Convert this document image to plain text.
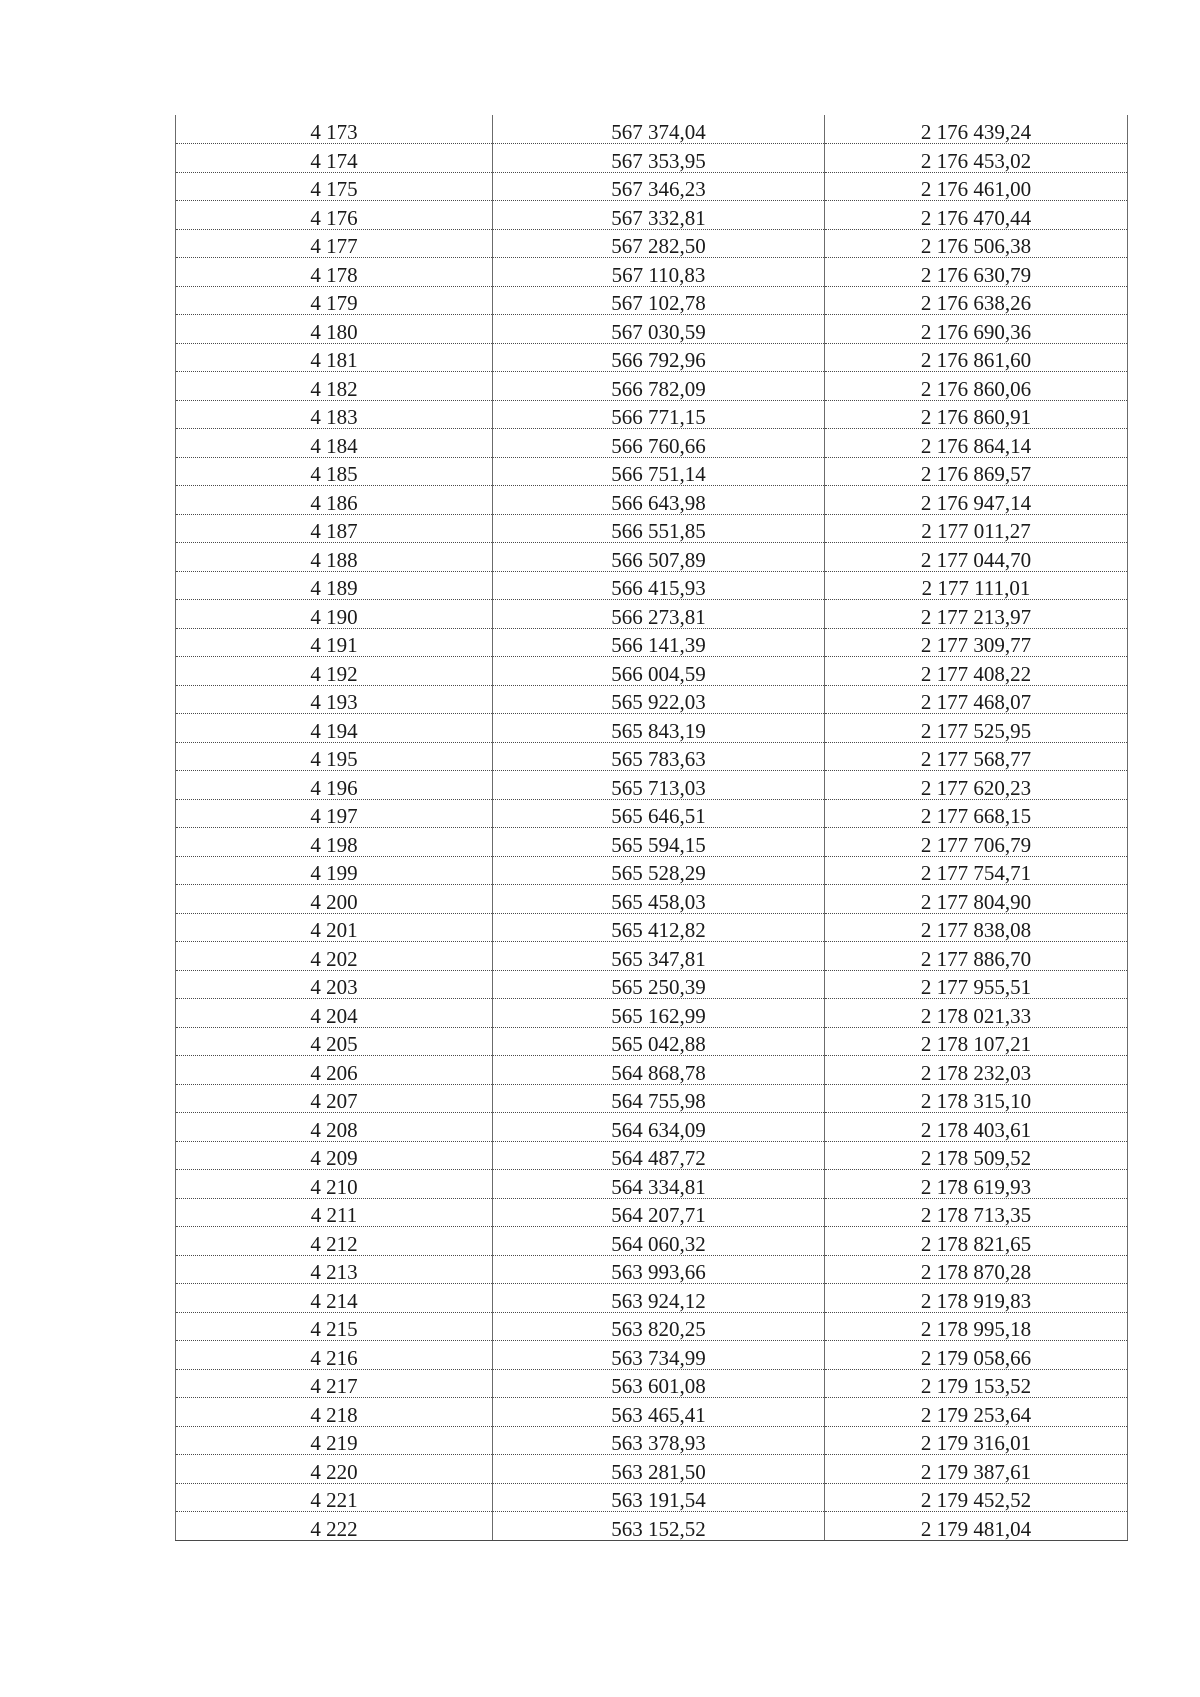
4 173	567 374,04	2 176 439,24
4 174	567 353,95	2 176 453,02
4 175	567 346,23	2 176 461,00
4 176	567 332,81	2 176 470,44
4 177	567 282,50	2 176 506,38
4 178	567 110,83	2 176 630,79
4 179	567 102,78	2 176 638,26
4 180	567 030,59	2 176 690,36
4 181	566 792,96	2 176 861,60
4 182	566 782,09	2 176 860,06
4 183	566 771,15	2 176 860,91
4 184	566 760,66	2 176 864,14
4 185	566 751,14	2 176 869,57
4 186	566 643,98	2 176 947,14
4 187	566 551,85	2 177 011,27
4 188	566 507,89	2 177 044,70
4 189	566 415,93	2 177 111,01
4 190	566 273,81	2 177 213,97
4 191	566 141,39	2 177 309,77
4 192	566 004,59	2 177 408,22
4 193	565 922,03	2 177 468,07
4 194	565 843,19	2 177 525,95
4 195	565 783,63	2 177 568,77
4 196	565 713,03	2 177 620,23
4 197	565 646,51	2 177 668,15
4 198	565 594,15	2 177 706,79
4 199	565 528,29	2 177 754,71
4 200	565 458,03	2 177 804,90
4 201	565 412,82	2 177 838,08
4 202	565 347,81	2 177 886,70
4 203	565 250,39	2 177 955,51
4 204	565 162,99	2 178 021,33
4 205	565 042,88	2 178 107,21
4 206	564 868,78	2 178 232,03
4 207	564 755,98	2 178 315,10
4 208	564 634,09	2 178 403,61
4 209	564 487,72	2 178 509,52
4 210	564 334,81	2 178 619,93
4 211	564 207,71	2 178 713,35
4 212	564 060,32	2 178 821,65
4 213	563 993,66	2 178 870,28
4 214	563 924,12	2 178 919,83
4 215	563 820,25	2 178 995,18
4 216	563 734,99	2 179 058,66
4 217	563 601,08	2 179 153,52
4 218	563 465,41	2 179 253,64
4 219	563 378,93	2 179 316,01
4 220	563 281,50	2 179 387,61
4 221	563 191,54	2 179 452,52
4 222	563 152,52	2 179 481,04
